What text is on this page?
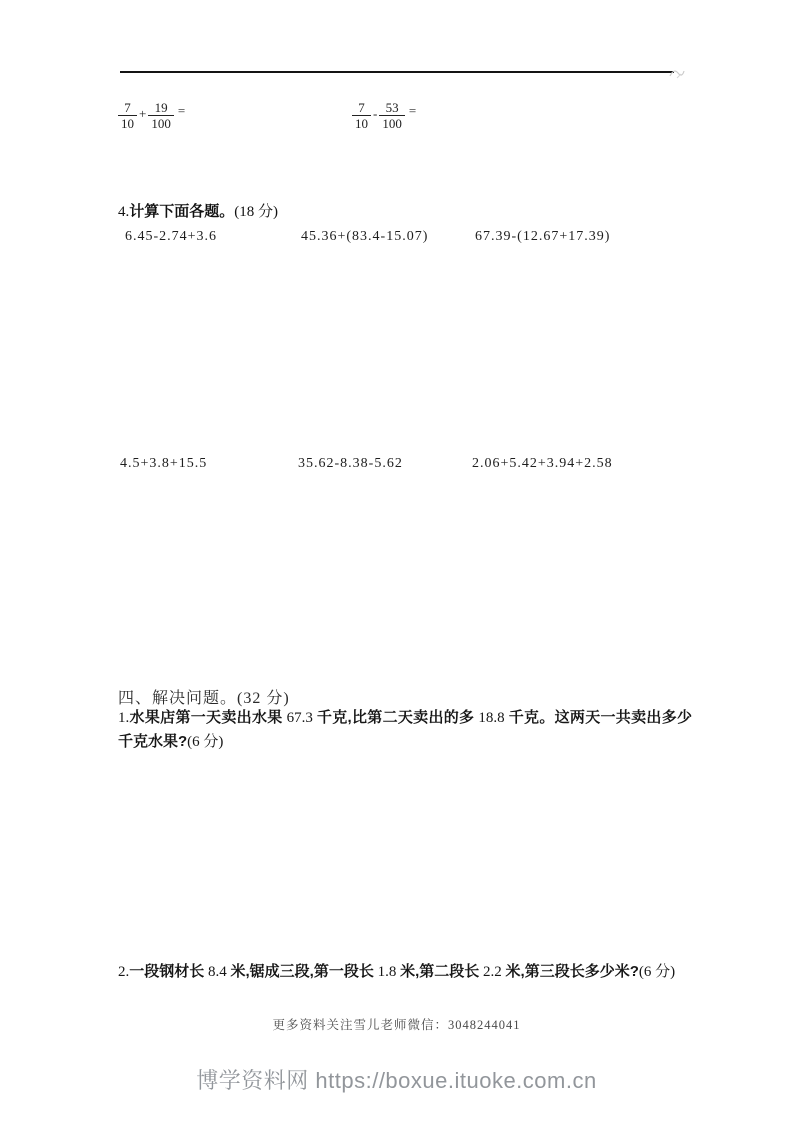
$\frac{7}{10} + \frac{19}{100}$ =	$\frac{7}{10} - \frac{53}{100}$ =
4.计算下面各题。(18 分)
6.45-2.74+3.6	45.36+(83.4-15.07)	67.39-(12.67+17.39)
4.5+3.8+15.5	35.62-8.38-5.62	2.06+5.42+3.94+2.58
四、解决问题。(32 分)
1.水果店第一天卖出水果 67.3 千克,比第二天卖出的多 18.8 千克。这两天一共卖出多少千克水果?(6 分)
2.一段钢材长 8.4 米,锯成三段,第一段长 1.8 米,第二段长 2.2 米,第三段长多少米?(6 分)
更多资料关注雪儿老师微信：3048244041
博学资料网 https://boxue.ituoke.com.cn
